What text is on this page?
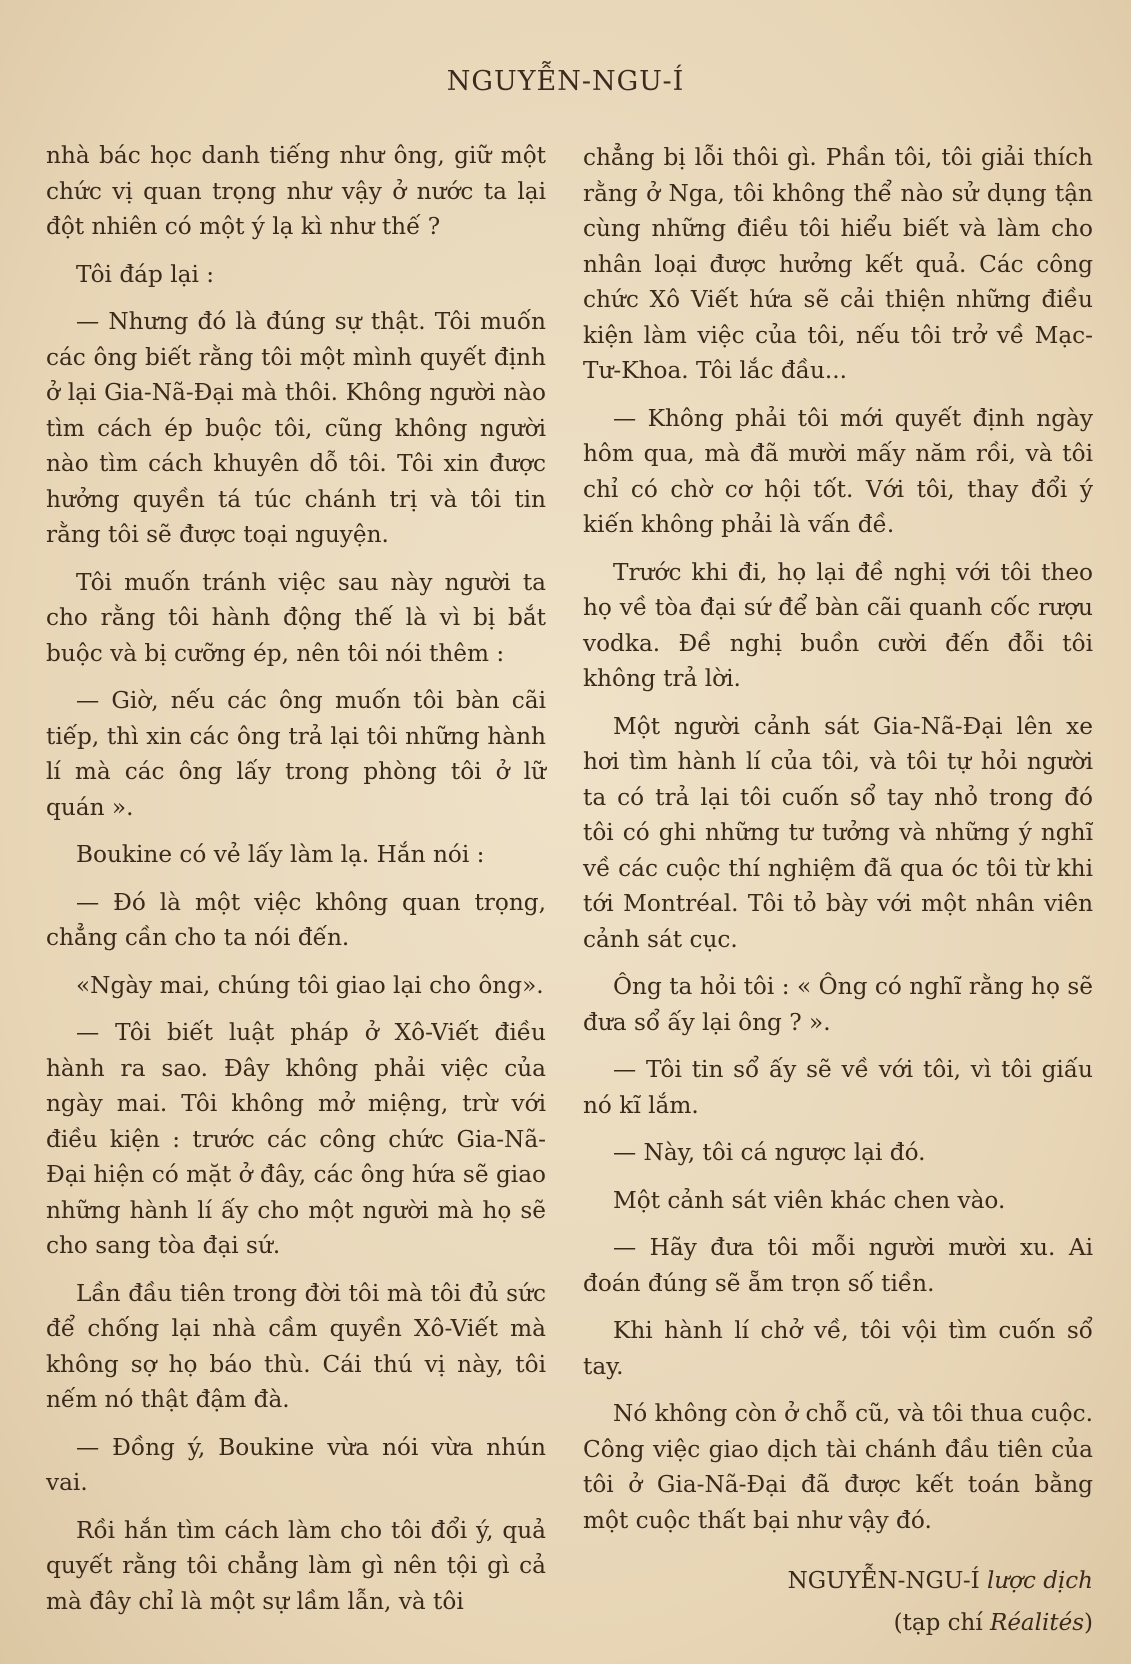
NGUYỄN-NGU-Í

nhà bác học danh tiếng như ông, giữ một chức vị quan trọng như vậy ở nước ta lại đột nhiên có một ý lạ kì như thế ?

Tôi đáp lại :

— Nhưng đó là đúng sự thật. Tôi muốn các ông biết rằng tôi một mình quyết định ở lại Gia-Nã-Đại mà thôi. Không người nào tìm cách ép buộc tôi, cũng không người nào tìm cách khuyên dỗ tôi. Tôi xin được hưởng quyền tá túc chánh trị và tôi tin rằng tôi sẽ được toại nguyện.

Tôi muốn tránh việc sau này người ta cho rằng tôi hành động thế là vì bị bắt buộc và bị cưỡng ép, nên tôi nói thêm :

— Giờ, nếu các ông muốn tôi bàn cãi tiếp, thì xin các ông trả lại tôi những hành lí mà các ông lấy trong phòng tôi ở lữ quán ».

Boukine có vẻ lấy làm lạ. Hắn nói :

— Đó là một việc không quan trọng, chẳng cần cho ta nói đến.

«Ngày mai, chúng tôi giao lại cho ông».

— Tôi biết luật pháp ở Xô-Viết điều hành ra sao. Đây không phải việc của ngày mai. Tôi không mở miệng, trừ với điều kiện : trước các công chức Gia-Nã-Đại hiện có mặt ở đây, các ông hứa sẽ giao những hành lí ấy cho một người mà họ sẽ cho sang tòa đại sứ.

Lần đầu tiên trong đời tôi mà tôi đủ sức để chống lại nhà cầm quyền Xô-Viết mà không sợ họ báo thù. Cái thú vị này, tôi nếm nó thật đậm đà.

— Đồng ý, Boukine vừa nói vừa nhún vai.

Rồi hắn tìm cách làm cho tôi đổi ý, quả quyết rằng tôi chẳng làm gì nên tội gì cả mà đây chỉ là một sự lầm lẫn, và tôi

chẳng bị lỗi thôi gì. Phần tôi, tôi giải thích rằng ở Nga, tôi không thể nào sử dụng tận cùng những điều tôi hiểu biết và làm cho nhân loại được hưởng kết quả. Các công chức Xô Viết hứa sẽ cải thiện những điều kiện làm việc của tôi, nếu tôi trở về Mạc-Tư-Khoa. Tôi lắc đầu...

— Không phải tôi mới quyết định ngày hôm qua, mà đã mười mấy năm rồi, và tôi chỉ có chờ cơ hội tốt. Với tôi, thay đổi ý kiến không phải là vấn đề.

Trước khi đi, họ lại đề nghị với tôi theo họ về tòa đại sứ để bàn cãi quanh cốc rượu vodka. Đề nghị buồn cười đến đỗi tôi không trả lời.

Một người cảnh sát Gia-Nã-Đại lên xe hơi tìm hành lí của tôi, và tôi tự hỏi người ta có trả lại tôi cuốn sổ tay nhỏ trong đó tôi có ghi những tư tưởng và những ý nghĩ về các cuộc thí nghiệm đã qua óc tôi từ khi tới Montréal. Tôi tỏ bày với một nhân viên cảnh sát cục.

Ông ta hỏi tôi : « Ông có nghĩ rằng họ sẽ đưa sổ ấy lại ông ? ».

— Tôi tin sổ ấy sẽ về với tôi, vì tôi giấu nó kĩ lắm.

— Này, tôi cá ngược lại đó.

Một cảnh sát viên khác chen vào.

— Hãy đưa tôi mỗi người mười xu. Ai đoán đúng sẽ ẵm trọn số tiền.

Khi hành lí chở về, tôi vội tìm cuốn sổ tay.

Nó không còn ở chỗ cũ, và tôi thua cuộc. Công việc giao dịch tài chánh đầu tiên của tôi ở Gia-Nã-Đại đã được kết toán bằng một cuộc thất bại như vậy đó.

NGUYỄN-NGU-Í lược dịch

(tạp chí Réalités)
